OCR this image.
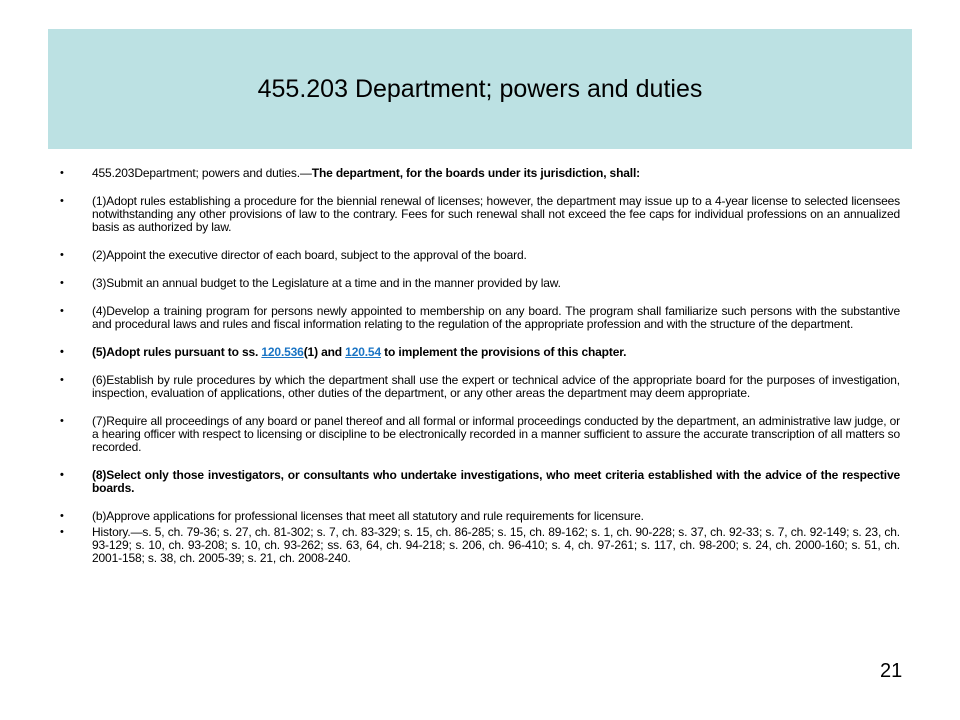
455.203 Department; powers and duties
• 455.203Department; powers and duties.—The department, for the boards under its jurisdiction, shall:
• (1)Adopt rules establishing a procedure for the biennial renewal of licenses; however, the department may issue up to a 4-year license to selected licensees notwithstanding any other provisions of law to the contrary. Fees for such renewal shall not exceed the fee caps for individual professions on an annualized basis as authorized by law.
• (2)Appoint the executive director of each board, subject to the approval of the board.
• (3)Submit an annual budget to the Legislature at a time and in the manner provided by law.
• (4)Develop a training program for persons newly appointed to membership on any board. The program shall familiarize such persons with the substantive and procedural laws and rules and fiscal information relating to the regulation of the appropriate profession and with the structure of the department.
• (5)Adopt rules pursuant to ss. 120.536(1) and 120.54 to implement the provisions of this chapter.
• (6)Establish by rule procedures by which the department shall use the expert or technical advice of the appropriate board for the purposes of investigation, inspection, evaluation of applications, other duties of the department, or any other areas the department may deem appropriate.
• (7)Require all proceedings of any board or panel thereof and all formal or informal proceedings conducted by the department, an administrative law judge, or a hearing officer with respect to licensing or discipline to be electronically recorded in a manner sufficient to assure the accurate transcription of all matters so recorded.
• (8)Select only those investigators, or consultants who undertake investigations, who meet criteria established with the advice of the respective boards.
• (b)Approve applications for professional licenses that meet all statutory and rule requirements for licensure.
• History.—s. 5, ch. 79-36; s. 27, ch. 81-302; s. 7, ch. 83-329; s. 15, ch. 86-285; s. 15, ch. 89-162; s. 1, ch. 90-228; s. 37, ch. 92-33; s. 7, ch. 92-149; s. 23, ch. 93-129; s. 10, ch. 93-208; s. 10, ch. 93-262; ss. 63, 64, ch. 94-218; s. 206, ch. 96-410; s. 4, ch. 97-261; s. 117, ch. 98-200; s. 24, ch. 2000-160; s. 51, ch. 2001-158; s. 38, ch. 2005-39; s. 21, ch. 2008-240.
21
